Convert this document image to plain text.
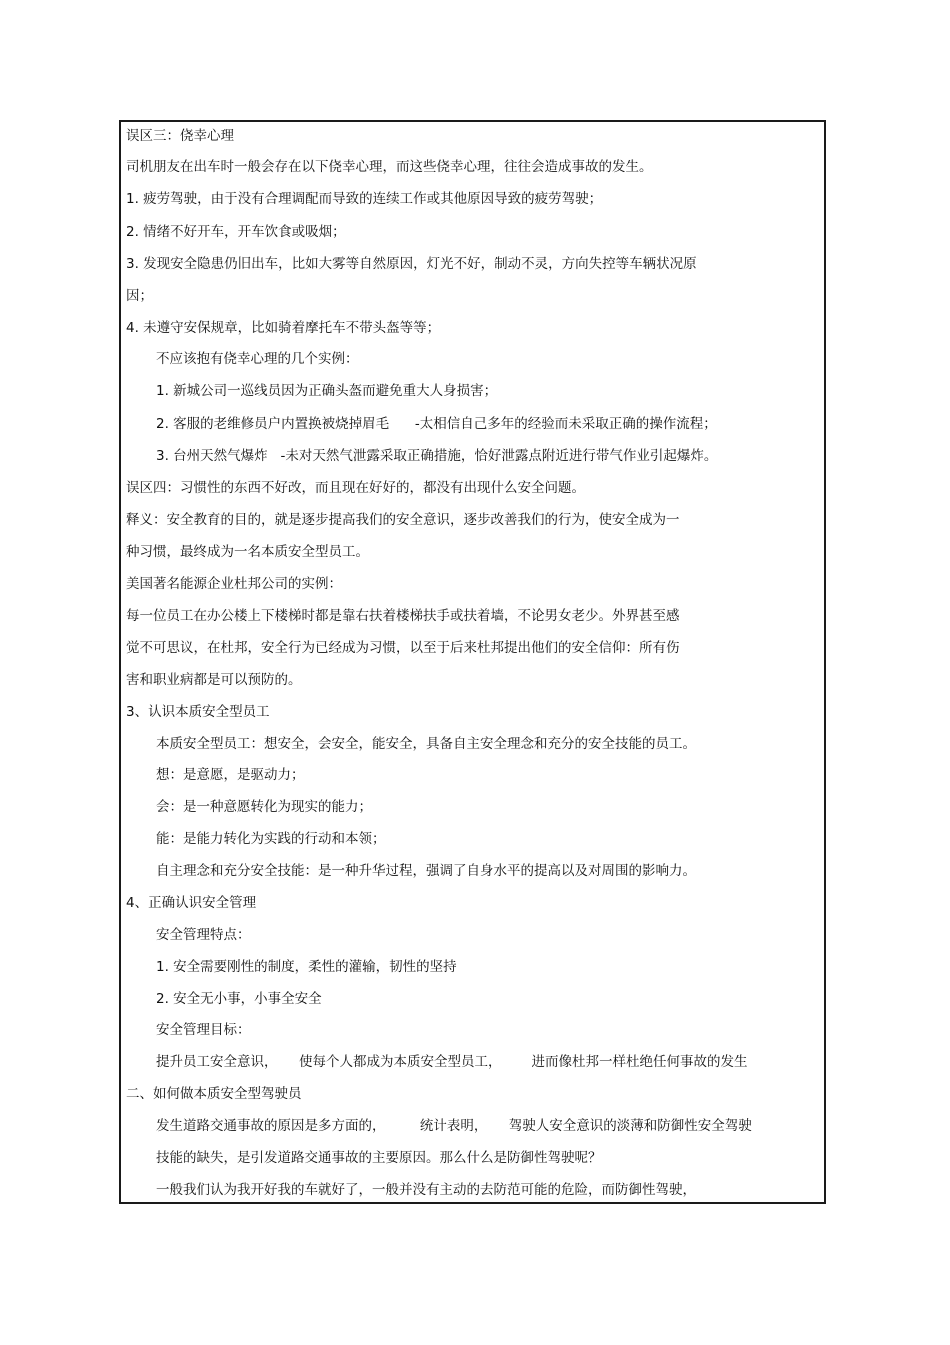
误区三：侥幸心理
司机朋友在出车时一般会存在以下侥幸心理，而这些侥幸心理，往往会造成事故的发生。
1. 疲劳驾驶，由于没有合理调配而导致的连续工作或其他原因导致的疲劳驾驶；
2. 情绪不好开车，开车饮食或吸烟；
3. 发现安全隐患仍旧出车，比如大雾等自然原因，灯光不好，制动不灵，方向失控等车辆状况原
因；
4. 未遵守安保规章，比如骑着摩托车不带头盔等等；
不应该抱有侥幸心理的几个实例：
1. 新城公司一巡线员因为正确头盔而避免重大人身损害；
2. 客服的老维修员户内置换被烧掉眉毛      -太相信自己多年的经验而未采取正确的操作流程；
3. 台州天然气爆炸   -未对天然气泄露采取正确措施，恰好泄露点附近进行带气作业引起爆炸。
误区四：习惯性的东西不好改，而且现在好好的，都没有出现什么安全问题。
释义：安全教育的目的，就是逐步提高我们的安全意识，逐步改善我们的行为，使安全成为一
种习惯，最终成为一名本质安全型员工。
美国著名能源企业杜邦公司的实例：
每一位员工在办公楼上下楼梯时都是靠右扶着楼梯扶手或扶着墙，不论男女老少。外界甚至感
觉不可思议，在杜邦，安全行为已经成为习惯，以至于后来杜邦提出他们的安全信仰：所有伤
害和职业病都是可以预防的。
3、认识本质安全型员工
本质安全型员工：想安全，会安全，能安全，具备自主安全理念和充分的安全技能的员工。
想：是意愿，是驱动力；
会：是一种意愿转化为现实的能力；
能：是能力转化为实践的行动和本领；
自主理念和充分安全技能：是一种升华过程，强调了自身水平的提高以及对周围的影响力。
4、正确认识安全管理
安全管理特点：
1. 安全需要刚性的制度，柔性的灌输，韧性的坚持
2. 安全无小事，小事全安全
安全管理目标：
提升员工安全意识，     使每个人都成为本质安全型员工，       进而像杜邦一样杜绝任何事故的发生
二、如何做本质安全型驾驶员
发生道路交通事故的原因是多方面的，        统计表明，     驾驶人安全意识的淡薄和防御性安全驾驶
技能的缺失，是引发道路交通事故的主要原因。那么什么是防御性驾驶呢？
一般我们认为我开好我的车就好了，一般并没有主动的去防范可能的危险，而防御性驾驶，
